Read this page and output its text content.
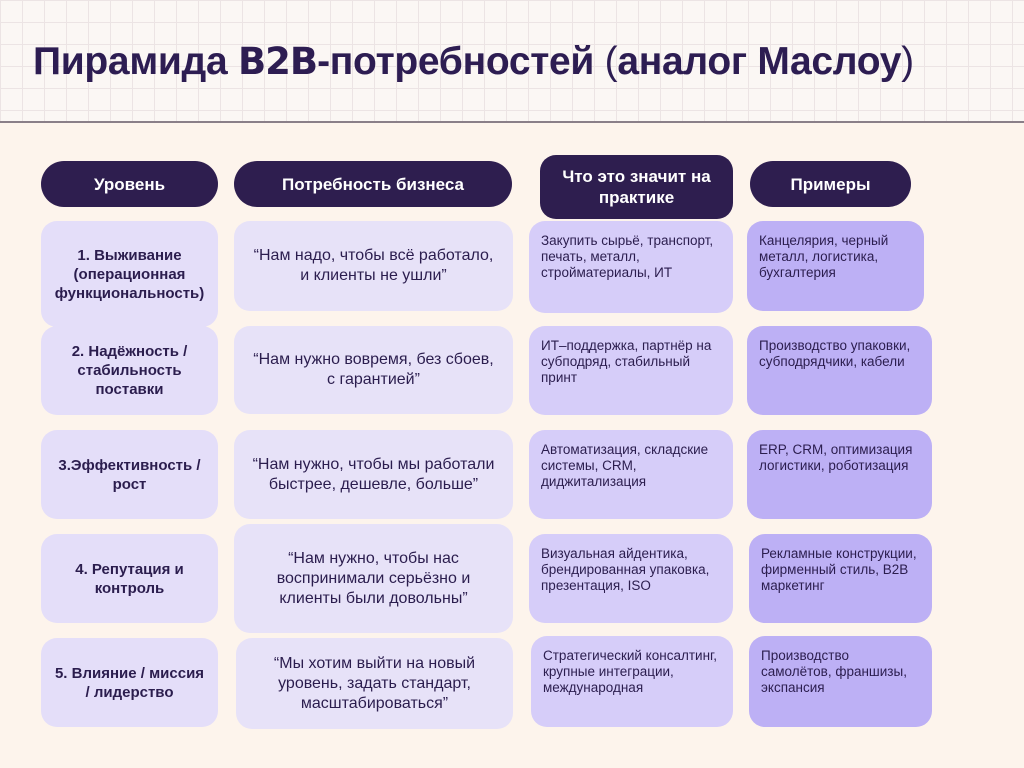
Пирамида B2B-потребностей (аналог Маслоу)
Уровень	Потребность бизнеса	Что это значит на практике
Примеры
1. Выживание (операционная функциональность)
“Нам надо, чтобы всё работало, и клиенты не ушли”
Закупить сырьё, транспорт, печать, металл, стройматериалы, ИТ
Канцелярия, черный металл, логистика, бухгалтерия
2. Надёжность / стабильность поставки
“Нам нужно вовремя, без сбоев, с гарантией”
ИТ–поддержка, партнёр на субподряд, стабильный принт
Производство упаковки, субподрядчики, кабели
3.Эффективность / рост
“Нам нужно, чтобы мы работали быстрее, дешевле, больше”
Автоматизация, складские системы, CRM, диджитализация
ERP, CRM, оптимизация логистики, роботизация
4. Репутация и контроль
“Нам нужно, чтобы нас воспринимали серьёзно и клиенты были довольны”
Визуальная айдентика, брендированная упаковка, презентация, ISO
Рекламные конструкции, фирменный стиль, B2B маркетинг
5. Влияние / миссия / лидерство
“Мы хотим выйти на новый уровень, задать стандарт, масштабироваться”
Стратегический консалтинг, крупные интеграции, международная
Производство самолётов, франшизы, экспансия
